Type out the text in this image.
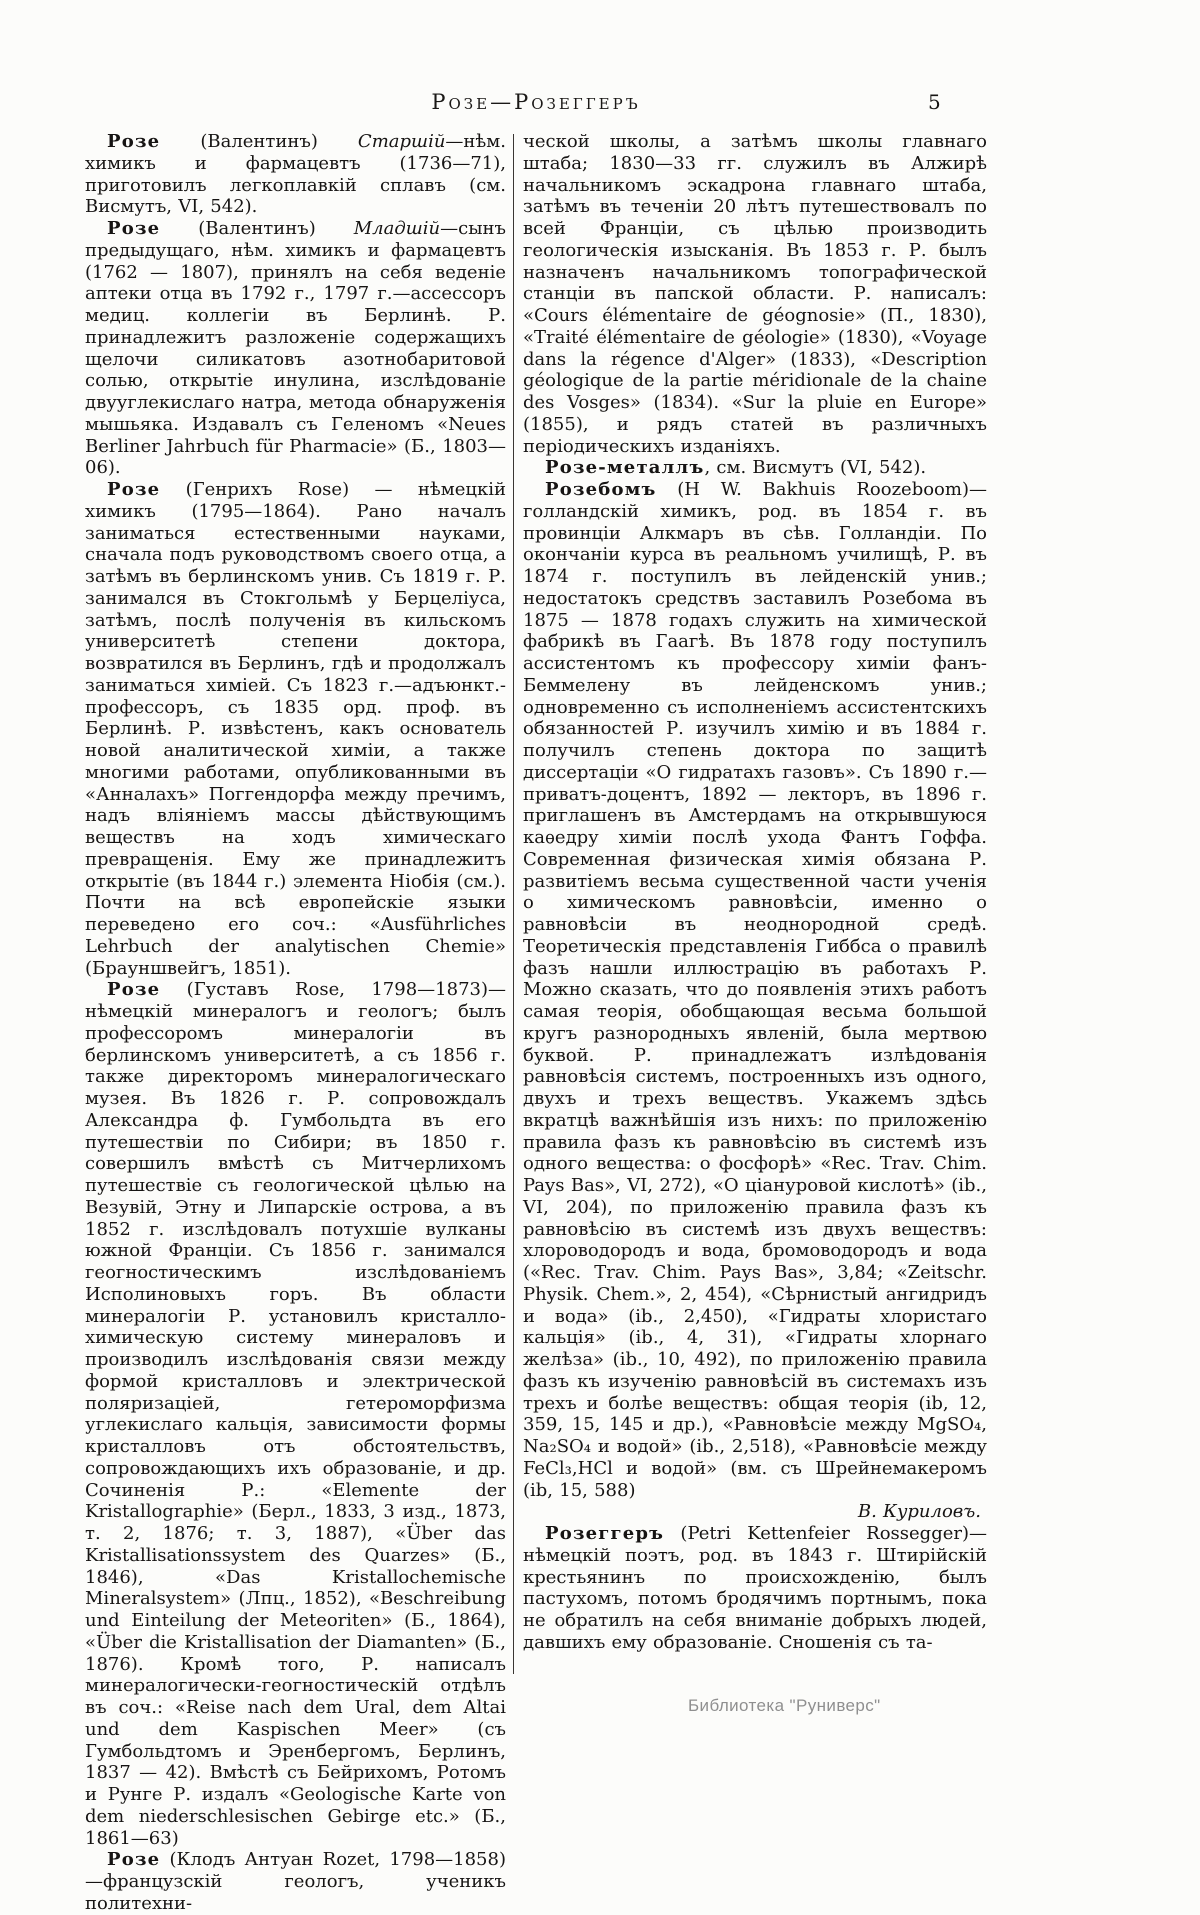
Розе—Розеггеръ	5

Розе (Валентинъ) Старшій—нѣм. химикъ и фармацевтъ (1736—71), приготовилъ легкоплавкій сплавъ (см. Висмутъ, VI, 542).

Розе (Валентинъ) Младшій—сынъ предыдущаго, нѣм. химикъ и фармацевтъ (1762 — 1807), принялъ на себя веденіе аптеки отца въ 1792 г., 1797 г.—ассессоръ медиц. коллегіи въ Берлинѣ. Р. принадлежитъ разложеніе содержащихъ щелочи силикатовъ азотнобаритовой солью, открытіе инулина, изслѣдованіе двууглекислаго натра, метода обнаруженія мышьяка. Издавалъ съ Геленомъ «Neues Berliner Jahrbuch für Pharmacie» (Б., 1803—06).

Розе (Генрихъ Rose) — нѣмецкій химикъ (1795—1864). Рано началъ заниматься естественными науками, сначала подъ руководствомъ своего отца, а затѣмъ въ берлинскомъ унив. Съ 1819 г. Р. занимался въ Стокгольмѣ у Берцеліуса, затѣмъ, послѣ полученія въ кильскомъ университетѣ степени доктора, возвратился въ Берлинъ, гдѣ и продолжалъ заниматься химіей. Съ 1823 г.—адъюнкт.-профессоръ, съ 1835 орд. проф. въ Берлинѣ. Р. извѣстенъ, какъ основатель новой аналитической химіи, а также многими работами, опубликованными въ «Анналахъ» Поггендорфа между пречимъ, надъ вліяніемъ массы дѣйствующимъ веществъ на ходъ химическаго превращенія. Ему же принадлежитъ открытіе (въ 1844 г.) элемента Ніобія (см.). Почти на всѣ европейскіе языки переведено его соч.: «Ausführliches Lehrbuch der analytischen Chemie» (Брауншвейгъ, 1851).

Розе (Густавъ Rose, 1798—1873)—нѣмецкій минералогъ и геологъ; былъ профессоромъ минералогіи въ берлинскомъ университетѣ, а съ 1856 г. также директоромъ минералогическаго музея. Въ 1826 г. Р. сопровождалъ Александра ф. Гумбольдта въ его путешествіи по Сибири; въ 1850 г. совершилъ вмѣстѣ съ Митчерлихомъ путешествіе съ геологической цѣлью на Везувій, Этну и Липарскіе острова, а въ 1852 г. изслѣдовалъ потухшіе вулканы южной Франціи. Съ 1856 г. занимался геогностическимъ изслѣдованіемъ Исполиновыхъ горъ. Въ области минералогіи Р. установилъ кристалло-химическую систему минераловъ и производилъ изслѣдованія связи между формой кристалловъ и электрической поляризаціей, гетероморфизма углекислаго кальція, зависимости формы кристалловъ отъ обстоятельствъ, сопровождающихъ ихъ образованіе, и др. Сочиненія Р.: «Elemente der Kristallographie» (Берл., 1833, 3 изд., 1873, т. 2, 1876; т. 3, 1887), «Über das Kristallisationssystem des Quarzes» (Б., 1846), «Das Kristallochemische Mineralsystem» (Лпц., 1852), «Beschreibung und Einteilung der Meteoriten» (Б., 1864), «Über die Kristallisation der Diamanten» (Б., 1876). Кромѣ того, Р. написалъ минералогически-геогностическій отдѣлъ въ соч.: «Reise nach dem Ural, dem Altai und dem Kaspischen Meer» (съ Гумбольдтомъ и Эренбергомъ, Берлинъ, 1837 — 42). Вмѣстѣ съ Бейрихомъ, Ротомъ и Рунге Р. издалъ «Geologische Karte von dem niederschlesischen Gebirge etc.» (Б., 1861—63)

Розе (Клодъ Антуан Rozet, 1798—1858) —французскій геологъ, ученикъ политехни-

ческой школы, а затѣмъ школы главнаго штаба; 1830—33 гг. служилъ въ Алжирѣ начальникомъ эскадрона главнаго штаба, затѣмъ въ теченіи 20 лѣтъ путешествовалъ по всей Франціи, съ цѣлью производить геологическія изысканія. Въ 1853 г. Р. былъ назначенъ начальникомъ топографической станціи въ папской области. Р. написалъ: «Cours élémentaire de géognosie» (П., 1830), «Traité élémentaire de géologie» (1830), «Voyage dans la régence d'Alger» (1833), «Description géologique de la partie méridionale de la chaine des Vosges» (1834). «Sur la pluie en Europe» (1855), и рядъ статей въ различныхъ періодическихъ изданіяхъ.

Розе-металлъ, см. Висмутъ (VI, 542).

Розебомъ (H W. Bakhuis Roozeboom)—голландскій химикъ, род. въ 1854 г. въ провинціи Алкмаръ въ сѣв. Голландіи. По окончаніи курса въ реальномъ училищѣ, Р. въ 1874 г. поступилъ въ лейденскій унив.; недостатокъ средствъ заставилъ Розебома въ 1875 — 1878 годахъ служить на химической фабрикѣ въ Гаагѣ. Въ 1878 году поступилъ ассистентомъ къ профессору химіи фанъ-Беммелену въ лейденскомъ унив.; одновременно съ исполненіемъ ассистентскихъ обязанностей Р. изучилъ химію и въ 1884 г. получилъ степень доктора по защитѣ диссертаціи «О гидратахъ газовъ». Съ 1890 г.—приватъ-доцентъ, 1892 — лекторъ, въ 1896 г. приглашенъ въ Амстердамъ на открывшуюся каѳедру химіи послѣ ухода Фантъ Гоффа. Современная физическая химія обязана Р. развитіемъ весьма существенной части ученія о химическомъ равновѣсіи, именно о равновѣсіи въ неоднородной средѣ. Теоретическія представленія Гиббса о правилѣ фазъ нашли иллюстрацію въ работахъ Р. Можно сказать, что до появленія этихъ работъ самая теорія, обобщающая весьма большой кругъ разнородныхъ явленій, была мертвою буквой. Р. принадлежатъ излѣдованія равновѣсія системъ, построенныхъ изъ одного, двухъ и трехъ веществъ. Укажемъ здѣсь вкратцѣ важнѣйшія изъ нихъ: по приложенію правила фазъ къ равновѣсію въ системѣ изъ одного вещества: о фосфорѣ» «Rec. Trav. Chim. Pays Bas», VI, 272), «О ціануровой кислотѣ» (ib., VI, 204), по приложенію правила фазъ къ равновѣсію въ системѣ изъ двухъ веществъ: хлороводородъ и вода, бромоводородъ и вода («Rec. Trav. Chim. Pays Bas», 3,84; «Zeitschr. Physik. Chem.», 2, 454), «Сѣрнистый ангидридъ и вода» (ib., 2,450), «Гидраты хлористаго кальція» (ib., 4, 31), «Гидраты хлорнаго желѣза» (ib., 10, 492), по приложенію правила фазъ къ изученію равновѣсій въ системахъ изъ трехъ и болѣе веществъ: общая теорія (ib, 12, 359, 15, 145 и др.), «Равновѣсіе между MgSO₄, Na₂SO₄ и водой» (ib., 2,518), «Равновѣсіе между FeCl₃,HCl и водой» (вм. съ Шрейнемакеромъ (ib, 15, 588)

В. Куриловъ.

Розеггеръ (Petri Kettenfeier Rossegger)—нѣмецкій поэтъ, род. въ 1843 г. Штирійскій крестьянинъ по происхожденію, былъ пастухомъ, потомъ бродячимъ портнымъ, пока не обратилъ на себя вниманіе добрыхъ людей, давшихъ ему образованіе. Сношенія съ та-

Библиотека "Руниверс"
